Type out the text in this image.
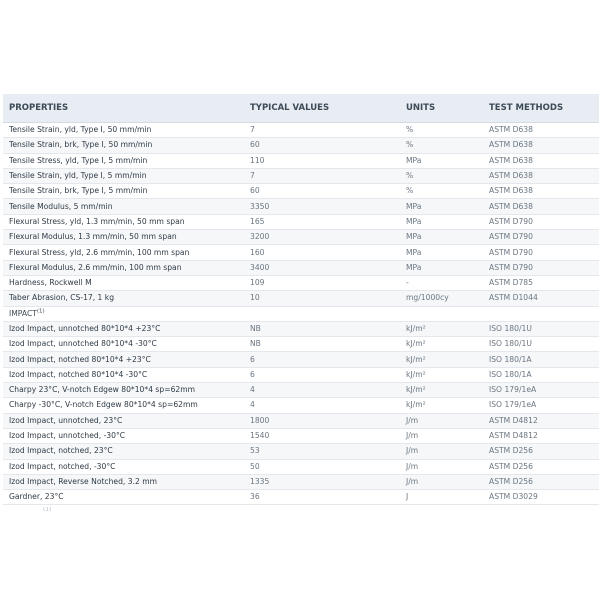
PROPERTIES	TYPICAL VALUES	UNITS	TEST METHODS
Tensile Strain, yld, Type I, 50 mm/min	7	%	ASTM D638
Tensile Strain, brk, Type I, 50 mm/min	60	%	ASTM D638
Tensile Stress, yld, Type I, 5 mm/min	110	MPa	ASTM D638
Tensile Strain, yld, Type I, 5 mm/min	7	%	ASTM D638
Tensile Strain, brk, Type I, 5 mm/min	60	%	ASTM D638
Tensile Modulus, 5 mm/min	3350	MPa	ASTM D638
Flexural Stress, yld, 1.3 mm/min, 50 mm span	165	MPa	ASTM D790
Flexural Modulus, 1.3 mm/min, 50 mm span	3200	MPa	ASTM D790
Flexural Stress, yld, 2.6 mm/min, 100 mm span	160	MPa	ASTM D790
Flexural Modulus, 2.6 mm/min, 100 mm span	3400	MPa	ASTM D790
Hardness, Rockwell M	109	-	ASTM D785
Taber Abrasion, CS-17, 1 kg	10	mg/1000cy	ASTM D1044
IMPACT$^{(1)}$
Izod Impact, unnotched 80*10*4 +23°C	NB	kJ/m²	ISO 180/1U
Izod Impact, unnotched 80*10*4 -30°C	NB	kJ/m²	ISO 180/1U
Izod Impact, notched 80*10*4 +23°C	6	kJ/m²	ISO 180/1A
Izod Impact, notched 80*10*4 -30°C	6	kJ/m²	ISO 180/1A
Charpy 23°C, V-notch Edgew 80*10*4 sp=62mm	4	kJ/m²	ISO 179/1eA
Charpy -30°C, V-notch Edgew 80*10*4 sp=62mm	4	kJ/m²	ISO 179/1eA
Izod Impact, unnotched, 23°C	1800	J/m	ASTM D4812
Izod Impact, unnotched, -30°C	1540	J/m	ASTM D4812
Izod Impact, notched, 23°C	53	J/m	ASTM D256
Izod Impact, notched, -30°C	50	J/m	ASTM D256
Izod Impact, Reverse Notched, 3.2 mm	1335	J/m	ASTM D256
Gardner, 23°C	36	J	ASTM D3029
(1)
